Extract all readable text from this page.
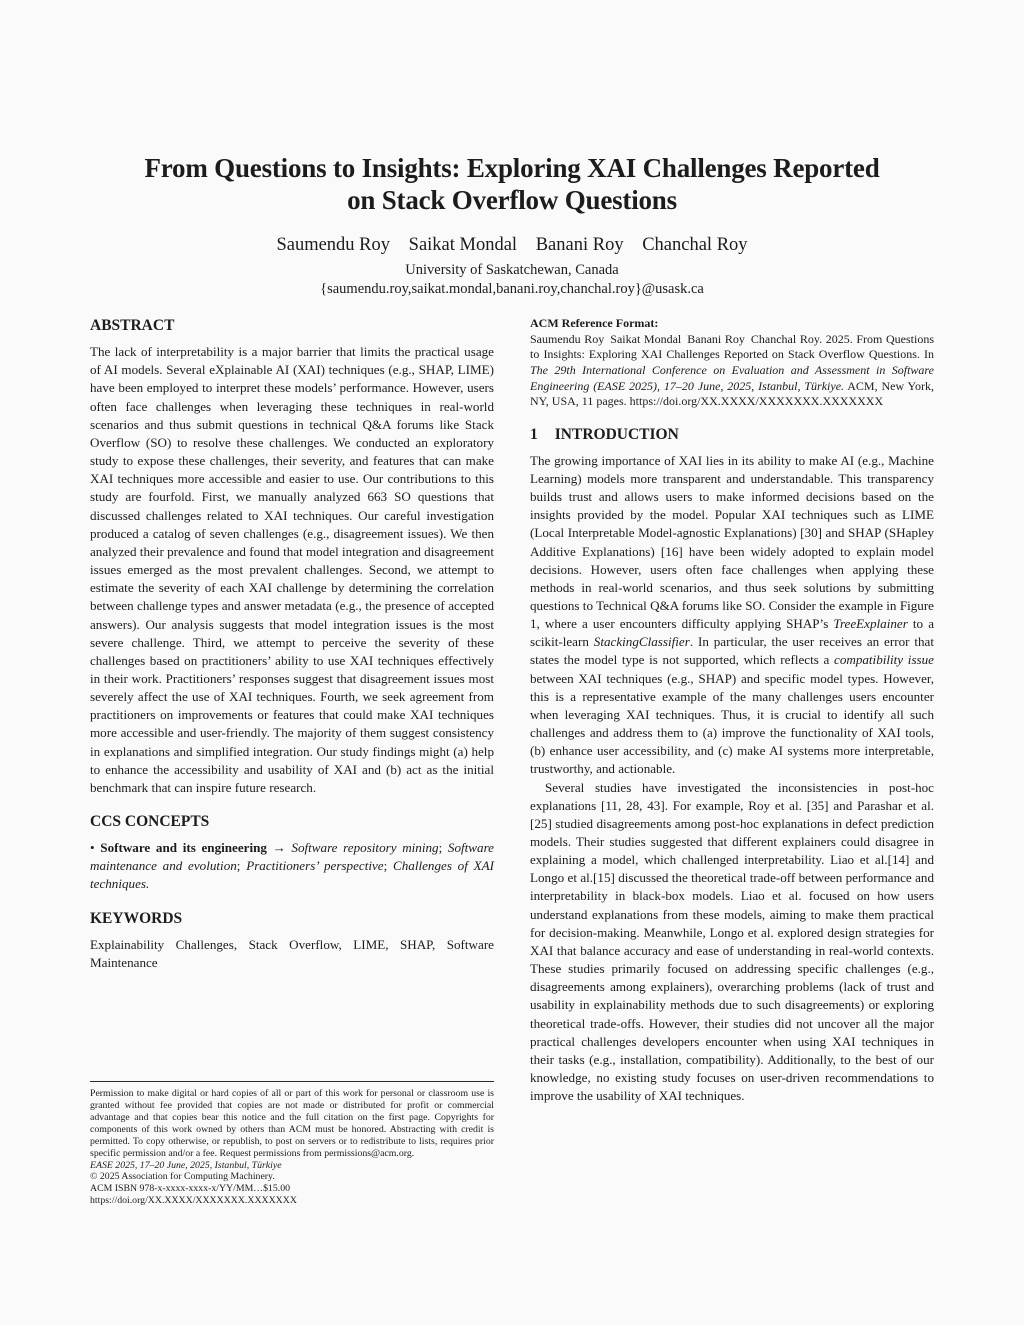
From Questions to Insights: Exploring XAI Challenges Reported
on Stack Overflow Questions
Saumendu Roy Saikat Mondal Banani Roy Chanchal Roy
University of Saskatchewan, Canada
{saumendu.roy,saikat.mondal,banani.roy,chanchal.roy}@usask.ca
ABSTRACT

The lack of interpretability is a major barrier that limits the practical usage of AI models. Several eXplainable AI (XAI) techniques (e.g., SHAP, LIME) have been employed to interpret these models’ performance. However, users often face challenges when leveraging these techniques in real-world scenarios and thus submit questions in technical Q&A forums like Stack Overflow (SO) to resolve these challenges. We conducted an exploratory study to expose these challenges, their severity, and features that can make XAI techniques more accessible and easier to use. Our contributions to this study are fourfold. First, we manually analyzed 663 SO questions that discussed challenges related to XAI techniques. Our careful investigation produced a catalog of seven challenges (e.g., disagreement issues). We then analyzed their prevalence and found that model integration and disagreement issues emerged as the most prevalent challenges. Second, we attempt to estimate the severity of each XAI challenge by determining the correlation between challenge types and answer metadata (e.g., the presence of accepted answers). Our analysis suggests that model integration issues is the most severe challenge. Third, we attempt to perceive the severity of these challenges based on practitioners’ ability to use XAI techniques effectively in their work. Practitioners’ responses suggest that disagreement issues most severely affect the use of XAI techniques. Fourth, we seek agreement from practitioners on improvements or features that could make XAI techniques more accessible and user-friendly. The majority of them suggest consistency in explanations and simplified integration. Our study findings might (a) help to enhance the accessibility and usability of XAI and (b) act as the initial benchmark that can inspire future research.

CCS CONCEPTS

• Software and its engineering → Software repository mining; Software maintenance and evolution; Practitioners’ perspective; Challenges of XAI techniques.

KEYWORDS

Explainability Challenges, Stack Overflow, LIME, SHAP, Software Maintenance

Permission to make digital or hard copies of all or part of this work for personal or classroom use is granted without fee provided that copies are not made or distributed for profit or commercial advantage and that copies bear this notice and the full citation on the first page. Copyrights for components of this work owned by others than ACM must be honored. Abstracting with credit is permitted. To copy otherwise, or republish, to post on servers or to redistribute to lists, requires prior specific permission and/or a fee. Request permissions from permissions@acm.org.

EASE 2025, 17–20 June, 2025, Istanbul, Türkiye

© 2025 Association for Computing Machinery.

ACM ISBN 978-x-xxxx-xxxx-x/YY/MM…$15.00

https://doi.org/XX.XXXX/XXXXXXX.XXXXXXX

ACM Reference Format:
Saumendu Roy Saikat Mondal Banani Roy Chanchal Roy. 2025. From Questions to Insights: Exploring XAI Challenges Reported on Stack Overflow Questions. In The 29th International Conference on Evaluation and Assessment in Software Engineering (EASE 2025), 17–20 June, 2025, Istanbul, Türkiye. ACM, New York, NY, USA, 11 pages. https://doi.org/XX.XXXX/XXXXXXX.XXXXXXX
1 INTRODUCTION

The growing importance of XAI lies in its ability to make AI (e.g., Machine Learning) models more transparent and understandable. This transparency builds trust and allows users to make informed decisions based on the insights provided by the model. Popular XAI techniques such as LIME (Local Interpretable Model-agnostic Explanations) [30] and SHAP (SHapley Additive Explanations) [16] have been widely adopted to explain model decisions. However, users often face challenges when applying these methods in real-world scenarios, and thus seek solutions by submitting questions to Technical Q&A forums like SO. Consider the example in Figure 1, where a user encounters difficulty applying SHAP’s TreeExplainer to a scikit-learn StackingClassifier. In particular, the user receives an error that states the model type is not supported, which reflects a compatibility issue between XAI techniques (e.g., SHAP) and specific model types. However, this is a representative example of the many challenges users encounter when leveraging XAI techniques. Thus, it is crucial to identify all such challenges and address them to (a) improve the functionality of XAI tools, (b) enhance user accessibility, and (c) make AI systems more interpretable, trustworthy, and actionable.

Several studies have investigated the inconsistencies in post-hoc explanations [11, 28, 43]. For example, Roy et al. [35] and Parashar et al. [25] studied disagreements among post-hoc explanations in defect prediction models. Their studies suggested that different explainers could disagree in explaining a model, which challenged interpretability. Liao et al.[14] and Longo et al.[15] discussed the theoretical trade-off between performance and interpretability in black-box models. Liao et al. focused on how users understand explanations from these models, aiming to make them practical for decision-making. Meanwhile, Longo et al. explored design strategies for XAI that balance accuracy and ease of understanding in real-world contexts. These studies primarily focused on addressing specific challenges (e.g., disagreements among explainers), overarching problems (lack of trust and usability in explainability methods due to such disagreements) or exploring theoretical trade-offs. However, their studies did not uncover all the major practical challenges developers encounter when using XAI techniques in their tasks (e.g., installation, compatibility). Additionally, to the best of our knowledge, no existing study focuses on user-driven recommendations to improve the usability of XAI techniques.
